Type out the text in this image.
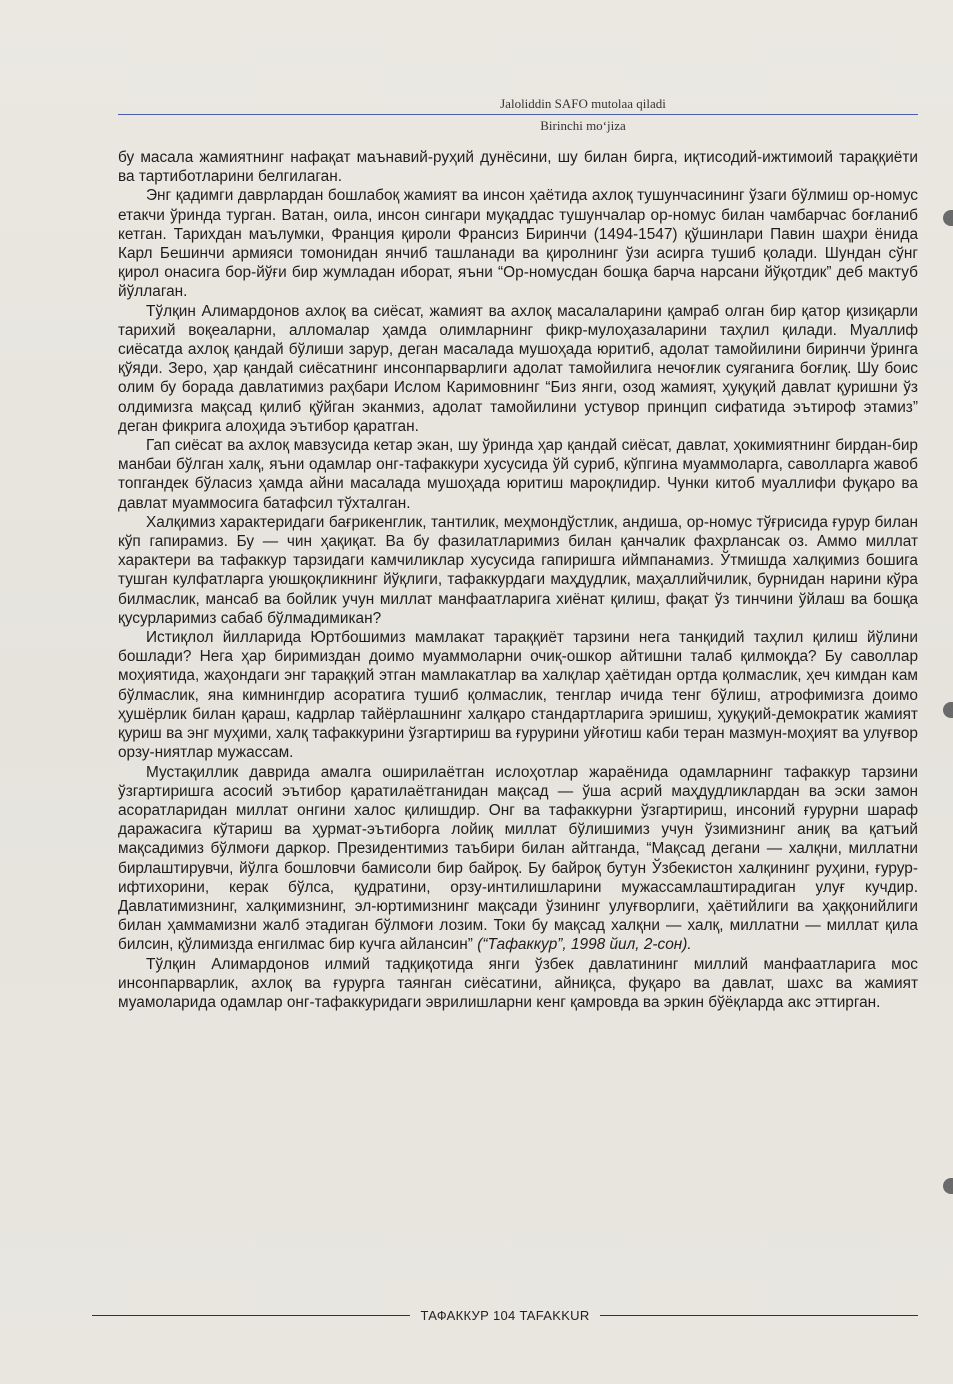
Jaloliddin SAFO mutolaa qiladi
Birinchi mo‘jiza

бу масала жамиятнинг нафақат маънавий-руҳий дунёсини, шу билан бирга, иқтисодий-ижтимоий тараққиёти ва тартиботларини белгилаган.

Энг қадимги даврлардан бошлабоқ жамият ва инсон ҳаётида ахлоқ тушунчасининг ўзаги бўлмиш ор-номус етакчи ўринда турган. Ватан, оила, инсон сингари муқаддас тушунчалар ор-номус билан чамбарчас боғланиб кетган. Тарихдан маълумки, Франция қироли Франсиз Биринчи (1494-1547) қўшинлари Павин шаҳри ёнида Карл Бешинчи армияси томонидан янчиб ташланади ва қиролнинг ўзи асирга тушиб қолади. Шундан сўнг қирол онасига бор-йўғи бир жумладан иборат, яъни “Ор-номусдан бошқа барча нарсани йўқотдик” деб мактуб йўллаган.

Тўлқин Алимардонов ахлоқ ва сиёсат, жамият ва ахлоқ масалаларини қамраб олган бир қатор қизиқарли тарихий воқеаларни, алломалар ҳамда олимларнинг фикр-мулоҳазаларини таҳлил қилади. Муаллиф сиёсатда ахлоқ қандай бўлиши зарур, деган масалада мушоҳада юритиб, адолат тамойилини биринчи ўринга қўяди. Зеро, ҳар қандай сиёсатнинг инсонпарварлиги адолат тамойилига нечоғлик суяганига боғлиқ. Шу боис олим бу борада давлатимиз раҳбари Ислом Каримовнинг “Биз янги, озод жамият, ҳуқуқий давлат қуришни ўз олдимизга мақсад қилиб қўйган эканмиз, адолат тамойилини устувор принцип сифатида эътироф этамиз” деган фикрига алоҳида эътибор қаратган.

Гап сиёсат ва ахлоқ мавзусида кетар экан, шу ўринда ҳар қандай сиёсат, давлат, ҳокимиятнинг бирдан-бир манбаи бўлган халқ, яъни одамлар онг-тафаккури хусусида ўй суриб, кўпгина муаммоларга, саволларга жавоб топгандек бўласиз ҳамда айни масалада мушоҳада юритиш мароқлидир. Чунки китоб муаллифи фуқаро ва давлат муаммосига батафсил тўхталган.

Халқимиз характеридаги бағрикенглик, тантилик, меҳмондўстлик, андиша, ор-номус тўғрисида ғурур билан кўп гапирамиз. Бу — чин ҳақиқат. Ва бу фазилатларимиз билан қанчалик фахрлансак оз. Аммо миллат характери ва тафаккур тарзидаги камчиликлар хусусида гапиришга иймпанамиз. Ўтмишда халқимиз бошига тушган кулфатларга уюшқоқликнинг йўқлиги, тафаккурдаги маҳдудлик, маҳаллийчилик, бурнидан нарини кўра билмаслик, мансаб ва бойлик учун миллат манфаатларига хиёнат қилиш, фақат ўз тинчини ўйлаш ва бошқа қусурларимиз сабаб бўлмадимикан?

Истиқлол йилларида Юртбошимиз мамлакат тараққиёт тарзини нега танқидий таҳлил қилиш йўлини бошлади? Нега ҳар биримиздан доимо муаммоларни очиқ-ошкор айтишни талаб қилмоқда? Бу саволлар моҳиятида, жаҳондаги энг тараққий этган мамлакатлар ва халқлар ҳаётидан ортда қолмаслик, ҳеч кимдан кам бўлмаслик, яна кимнингдир асоратига тушиб қолмаслик, тенглар ичида тенг бўлиш, атрофимизга доимо ҳушёрлик билан қараш, кадрлар тайёрлашнинг халқаро стандартларига эришиш, ҳуқуқий-демократик жамият қуриш ва энг муҳими, халқ тафаккурини ўзгартириш ва ғурурини уйғотиш каби теран мазмун-моҳият ва улуғвор орзу-ниятлар мужассам.

Мустақиллик даврида амалга оширилаётган ислоҳотлар жараёнида одамларнинг тафаккур тарзини ўзгартиришга асосий эътибор қаратилаётганидан мақсад — ўша асрий маҳдудликлардан ва эски замон асоратларидан миллат онгини халос қилишдир. Онг ва тафаккурни ўзгартириш, инсоний ғурурни шараф даражасига кўтариш ва ҳурмат-эътиборга лойиқ миллат бўлишимиз учун ўзимизнинг аниқ ва қатъий мақсадимиз бўлмоғи даркор. Президентимиз таъбири билан айтганда, “Мақсад дегани — халқни, миллатни бирлаштирувчи, йўлга бошловчи бамисоли бир байроқ. Бу байроқ бутун Ўзбекистон халқининг руҳини, ғурур-ифтихорини, керак бўлса, қудратини, орзу-интилишларини мужассамлаштирадиган улуғ кучдир. Давлатимизнинг, халқимизнинг, эл-юртимизнинг мақсади ўзининг улуғворлиги, ҳаётийлиги ва ҳаққонийлиги билан ҳаммамизни жалб этадиган бўлмоғи лозим. Токи бу мақсад халқни — халқ, миллатни — миллат қила билсин, қўлимизда енгилмас бир кучга айлансин” (“Тафаккур”, 1998 йил, 2-сон).

Тўлқин Алимардонов илмий тадқиқотида янги ўзбек давлатининг миллий манфаатларига мос инсонпарварлик, ахлоқ ва ғурурга таянган сиёсатини, айниқса, фуқаро ва давлат, шахс ва жамият муамоларида одамлар онг-тафаккуридаги эврилишларни кенг қамровда ва эркин бўёқларда акс эттирган.

ТАФАККУР 104 TAFAKKUR
